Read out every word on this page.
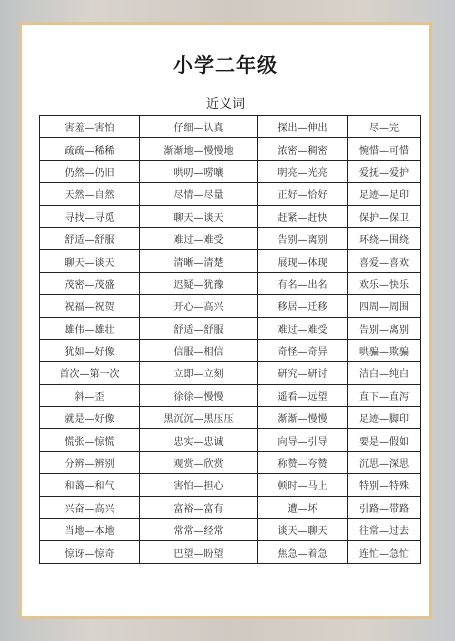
小学二年级
近义词
害羞—害怕	仔细—认真	探出—伸出	尽—完
疏疏—稀稀	渐渐地—慢慢地	浓密—稠密	惋惜—可惜
仍然—仍旧	哄叨—唠嚷	明亮—光亮	爱抚—爱护
天然—自然	尽情—尽量	正好—恰好	足迹—足印
寻找—寻觅	聊天—谈天	赶紧—赶快	保护—保卫
舒适—舒服	难过—难受	告别—离别	环绕—围绕
聊天—谈天	清晰—清楚	展现—体现	喜爱—喜欢
茂密—茂盛	迟疑—犹豫	有名—出名	欢乐—快乐
祝福—祝贺	开心—高兴	移居—迁移	四周—周围
雄伟—雄壮	舒适—舒服	难过—难受	告别—离别
犹如—好像	信服—相信	奇怪—奇异	哄骗—欺骗
首次—第一次	立即—立刻	研究—研讨	洁白—纯白
斜—歪	徐徐—慢慢	遥看—远望	直下—直泻
就是—好像	黑沉沉—黑压压	渐渐—慢慢	足迹—脚印
慌张—惊慌	忠实—忠诚	向导—引导	要是—假如
分辨—辨别	观赏—欣赏	称赞—夸赞	沉思—深思
和蔼—和气	害怕—担心	顿时—马上	特别—特殊
兴奋—高兴	富裕—富有	遭—坏	引路—带路
当地—本地	常常—经常	谈天—聊天	往常—过去
惊讶—惊奇	巴望—盼望	焦急—着急	连忙—急忙
